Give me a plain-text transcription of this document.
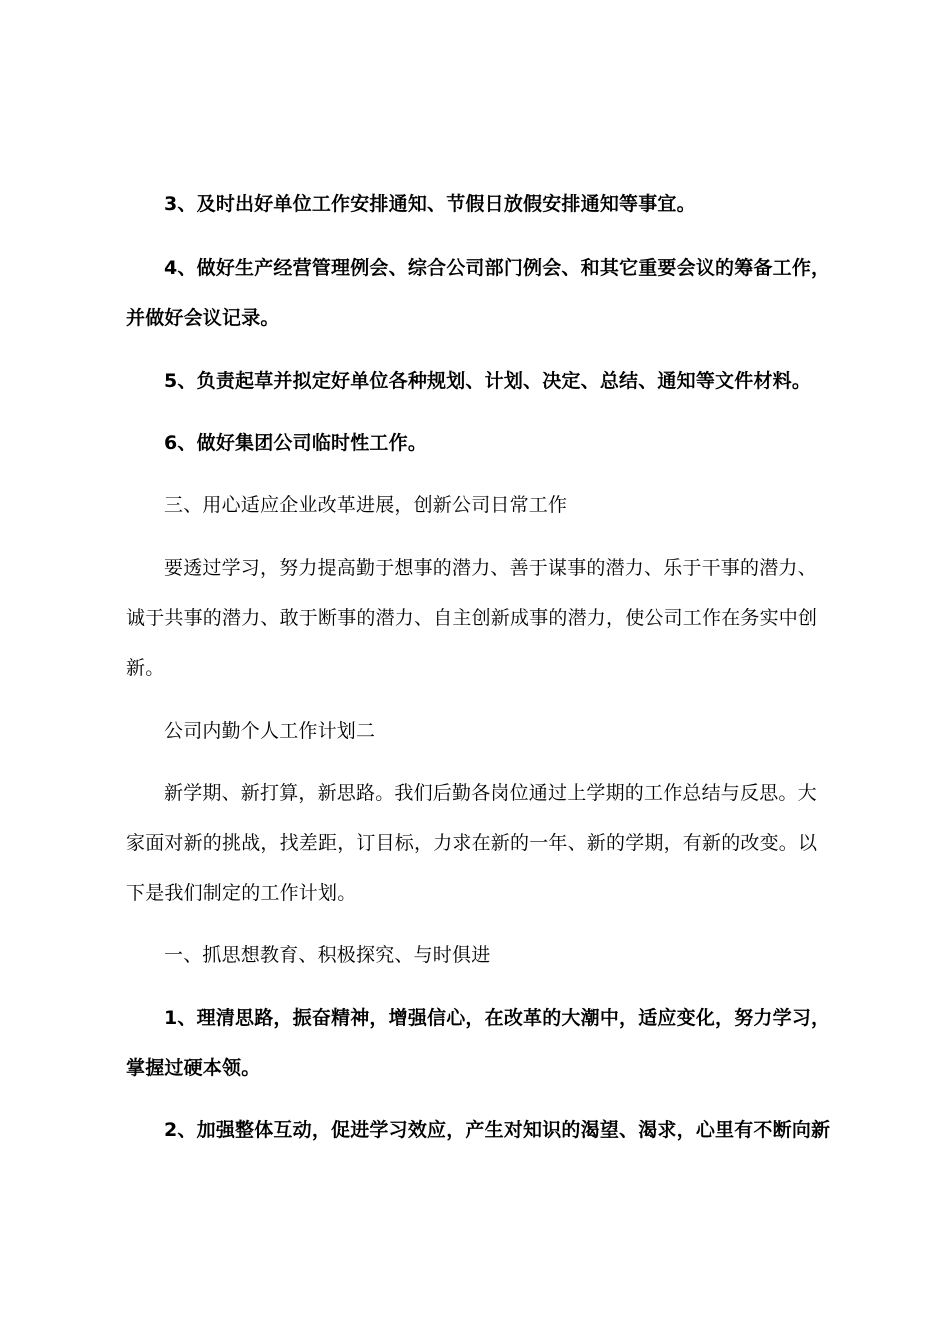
3、及时出好单位工作安排通知、节假日放假安排通知等事宜。
4、做好生产经营管理例会、综合公司部门例会、和其它重要会议的筹备工作，
并做好会议记录。
5、负责起草并拟定好单位各种规划、计划、决定、总结、通知等文件材料。
6、做好集团公司临时性工作。
三、用心适应企业改革进展，创新公司日常工作
要透过学习，努力提高勤于想事的潜力、善于谋事的潜力、乐于干事的潜力、
诚于共事的潜力、敢于断事的潜力、自主创新成事的潜力，使公司工作在务实中创
新。
公司内勤个人工作计划二
新学期、新打算，新思路。我们后勤各岗位通过上学期的工作总结与反思。大
家面对新的挑战，找差距，订目标，力求在新的一年、新的学期，有新的改变。以
下是我们制定的工作计划。
一、抓思想教育、积极探究、与时俱进
1、理清思路，振奋精神，增强信心，在改革的大潮中，适应变化，努力学习，
掌握过硬本领。
2、加强整体互动，促进学习效应，产生对知识的渴望、渴求，心里有不断向新
